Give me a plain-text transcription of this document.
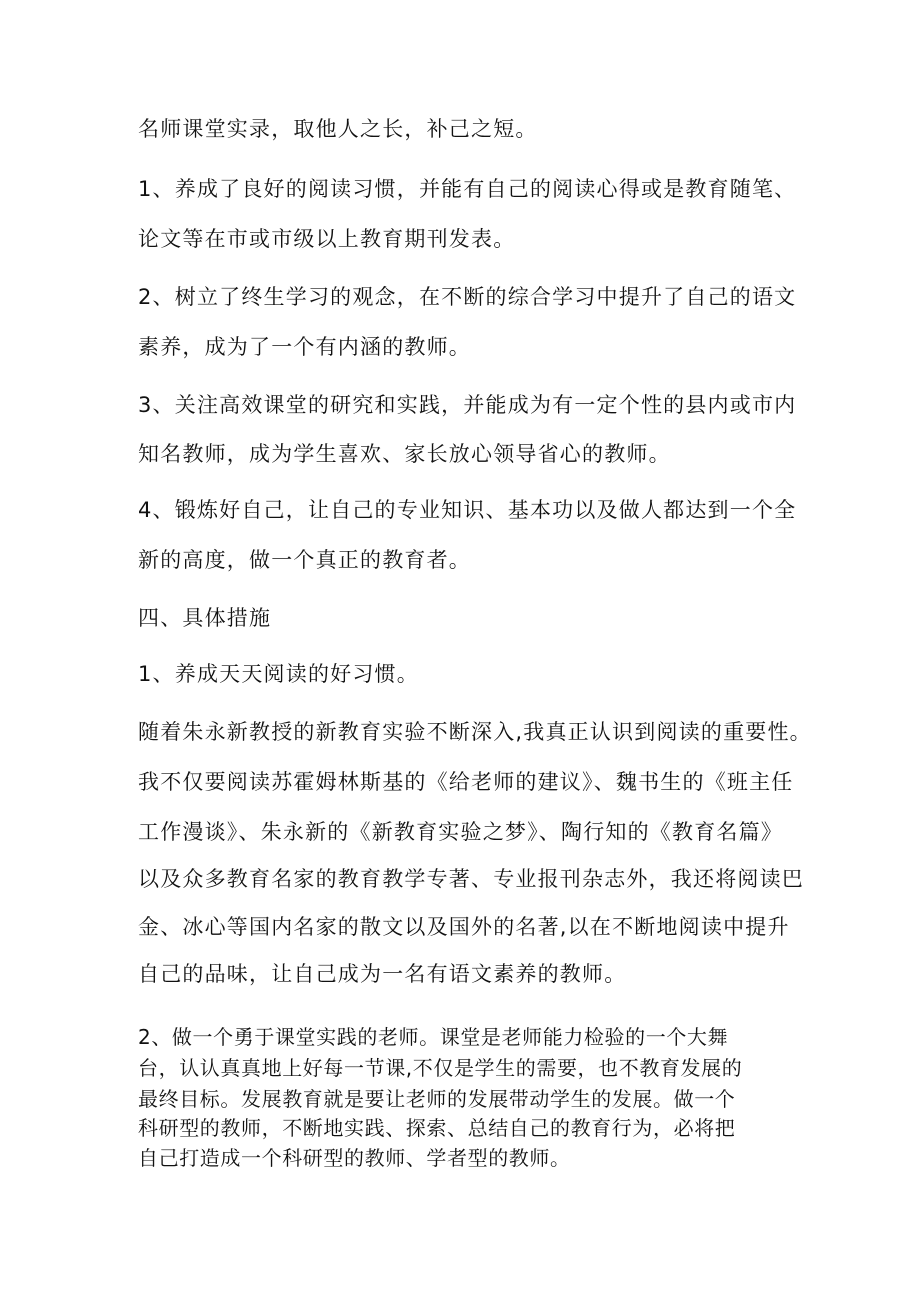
名师课堂实录，取他人之长，补己之短。
1、养成了良好的阅读习惯，并能有自己的阅读心得或是教育随笔、
论文等在市或市级以上教育期刊发表。
2、树立了终生学习的观念，在不断的综合学习中提升了自己的语文
素养，成为了一个有内涵的教师。
3、关注高效课堂的研究和实践，并能成为有一定个性的县内或市内
知名教师，成为学生喜欢、家长放心领导省心的教师。
4、锻炼好自己，让自己的专业知识、基本功以及做人都达到一个全
新的高度，做一个真正的教育者。
四、具体措施
1、养成天天阅读的好习惯。
随着朱永新教授的新教育实验不断深入,我真正认识到阅读的重要性。
我不仅要阅读苏霍姆林斯基的《给老师的建议》、魏书生的《班主任
工作漫谈》、朱永新的《新教育实验之梦》、陶行知的《教育名篇》
以及众多教育名家的教育教学专著、专业报刊杂志外，我还将阅读巴
金、冰心等国内名家的散文以及国外的名著,以在不断地阅读中提升
自己的品味，让自己成为一名有语文素养的教师。
2、做一个勇于课堂实践的老师。课堂是老师能力检验的一个大舞
台，认认真真地上好每一节课,不仅是学生的需要，也不教育发展的
最终目标。发展教育就是要让老师的发展带动学生的发展。做一个
科研型的教师，不断地实践、探索、总结自己的教育行为，必将把
自己打造成一个科研型的教师、学者型的教师。
